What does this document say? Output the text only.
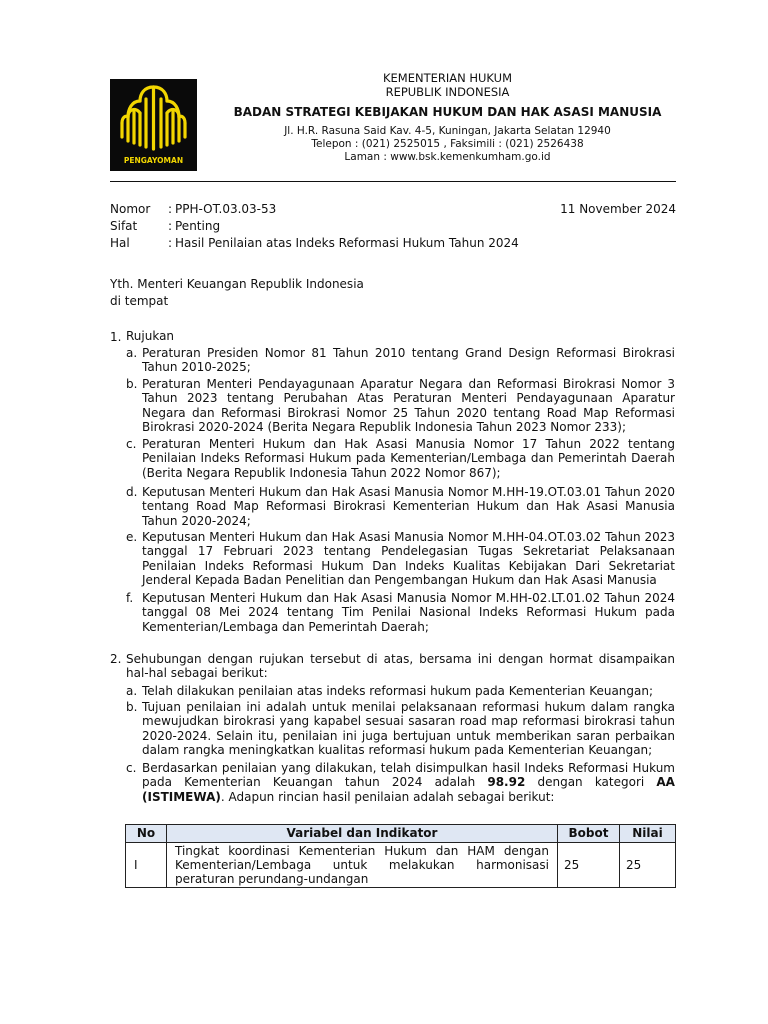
PENGAYOMAN
KEMENTERIAN HUKUM
REPUBLIK INDONESIA
BADAN STRATEGI KEBIJAKAN HUKUM DAN HAK ASASI MANUSIA
Jl. H.R. Rasuna Said Kav. 4-5, Kuningan, Jakarta Selatan 12940
Telepon : (021) 2525015 , Faksimili : (021) 2526438
Laman : www.bsk.kemenkumham.go.id
Nomor : PPH-OT.03.03-53	11 November 2024
Sifat	: Penting
Hal	: Hasil Penilaian atas Indeks Reformasi Hukum Tahun 2024
Yth. Menteri Keuangan Republik Indonesia
di tempat
1. Rujukan
a. Peraturan Presiden Nomor 81 Tahun 2010 tentang Grand Design Reformasi Birokrasi Tahun 2010-2025;
b. Peraturan Menteri Pendayagunaan Aparatur Negara dan Reformasi Birokrasi Nomor 3 Tahun 2023 tentang Perubahan Atas Peraturan Menteri Pendayagunaan Aparatur Negara dan Reformasi Birokrasi Nomor 25 Tahun 2020 tentang Road Map Reformasi Birokrasi 2020-2024 (Berita Negara Republik Indonesia Tahun 2023 Nomor 233);
c. Peraturan Menteri Hukum dan Hak Asasi Manusia Nomor 17 Tahun 2022 tentang Penilaian Indeks Reformasi Hukum pada Kementerian/Lembaga dan Pemerintah Daerah (Berita Negara Republik Indonesia Tahun 2022 Nomor 867);
d. Keputusan Menteri Hukum dan Hak Asasi Manusia Nomor M.HH-19.OT.03.01 Tahun 2020 tentang Road Map Reformasi Birokrasi Kementerian Hukum dan Hak Asasi Manusia Tahun 2020-2024;
e. Keputusan Menteri Hukum dan Hak Asasi Manusia Nomor M.HH-04.OT.03.02 Tahun 2023 tanggal 17 Februari 2023 tentang Pendelegasian Tugas Sekretariat Pelaksanaan Penilaian Indeks Reformasi Hukum Dan Indeks Kualitas Kebijakan Dari Sekretariat Jenderal Kepada Badan Penelitian dan Pengembangan Hukum dan Hak Asasi Manusia
f. Keputusan Menteri Hukum dan Hak Asasi Manusia Nomor M.HH-02.LT.01.02 Tahun 2024 tanggal 08 Mei 2024 tentang Tim Penilai Nasional Indeks Reformasi Hukum pada Kementerian/Lembaga dan Pemerintah Daerah;
2. Sehubungan dengan rujukan tersebut di atas, bersama ini dengan hormat disampaikan hal-hal sebagai berikut:
a. Telah dilakukan penilaian atas indeks reformasi hukum pada Kementerian Keuangan;
b. Tujuan penilaian ini adalah untuk menilai pelaksanaan reformasi hukum dalam rangka mewujudkan birokrasi yang kapabel sesuai sasaran road map reformasi birokrasi tahun 2020-2024. Selain itu, penilaian ini juga bertujuan untuk memberikan saran perbaikan dalam rangka meningkatkan kualitas reformasi hukum pada Kementerian Keuangan;
c. Berdasarkan penilaian yang dilakukan, telah disimpulkan hasil Indeks Reformasi Hukum pada Kementerian Keuangan tahun 2024 adalah 98.92 dengan kategori AA (ISTIMEWA). Adapun rincian hasil penilaian adalah sebagai berikut:
No	Variabel dan Indikator	Bobot	Nilai
I	Tingkat koordinasi Kementerian Hukum dan HAM dengan Kementerian/Lembaga untuk melakukan harmonisasi peraturan perundang-undangan	25	25
